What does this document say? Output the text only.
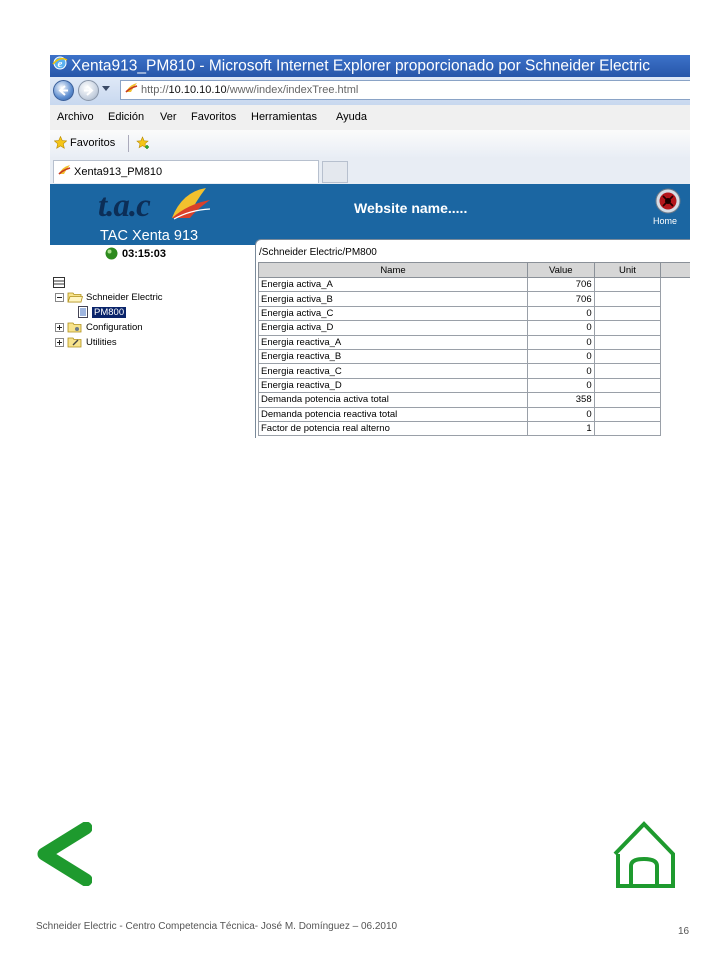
e Xenta913_PM810 - Microsoft Internet Explorer proporcionado por Schneider Electric
http://10.10.10.10/www/index/indexTree.html
Archivo Edición Ver Favoritos Herramientas Ayuda
Favoritos
Xenta913_PM810
t.a.c
TAC Xenta 913
Website name.....
Home
03:15:03
Schneider Electric
PM800
Configuration
Utilities
/Schneider Electric/PM800
Name	Value	Unit	
Energia activa_A	706		
Energia activa_B	706		
Energia activa_C	0		
Energia activa_D	0		
Energia reactiva_A	0		
Energia reactiva_B	0		
Energia reactiva_C	0		
Energia reactiva_D	0		
Demanda potencia activa total	358		
Demanda potencia reactiva total	0		
Factor de potencia real alterno	1		
Schneider Electric - Centro Competencia Técnica- José M. Domínguez – 06.2010	16
